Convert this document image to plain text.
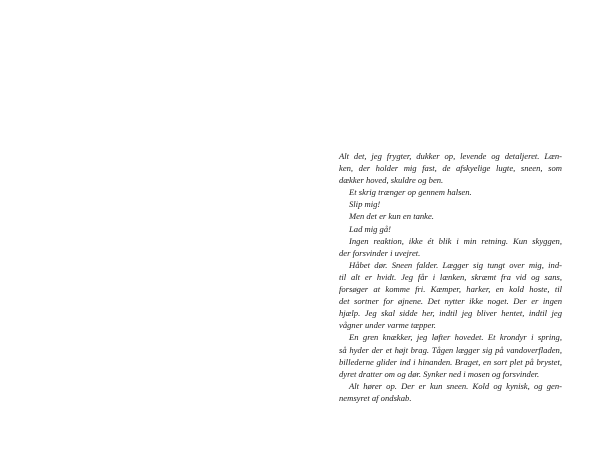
Alt det, jeg frygter, dukker op, levende og detaljeret. Læn-
ken, der holder mig fast, de afskyelige lugte, sneen, som
dækker hoved, skuldre og ben.
Et skrig trænger op gennem halsen.
Slip mig!
Men det er kun en tanke.
Lad mig gå!
Ingen reaktion, ikke ét blik i min retning. Kun skyggen,
der forsvinder i uvejret.
Håbet dør. Sneen falder. Lægger sig tungt over mig, ind-
til alt er hvidt. Jeg får i lænken, skræmt fra vid og sans,
forsøger at komme fri. Kæmper, harker, en kold hoste, til
det sortner for øjnene. Det nytter ikke noget. Der er ingen
hjælp. Jeg skal sidde her, indtil jeg bliver hentet, indtil jeg
vågner under varme tæpper.
En gren knækker, jeg løfter hovedet. Et krondyr i spring,
så hyder der et højt brag. Tågen lægger sig på vandoverfladen,
billederne glider ind i hinanden. Braget, en sort plet på brystet,
dyret dratter om og dør. Synker ned i mosen og forsvinder.
Alt hører op. Der er kun sneen. Kold og kynisk, og gen-
nemsyret af ondskab.
